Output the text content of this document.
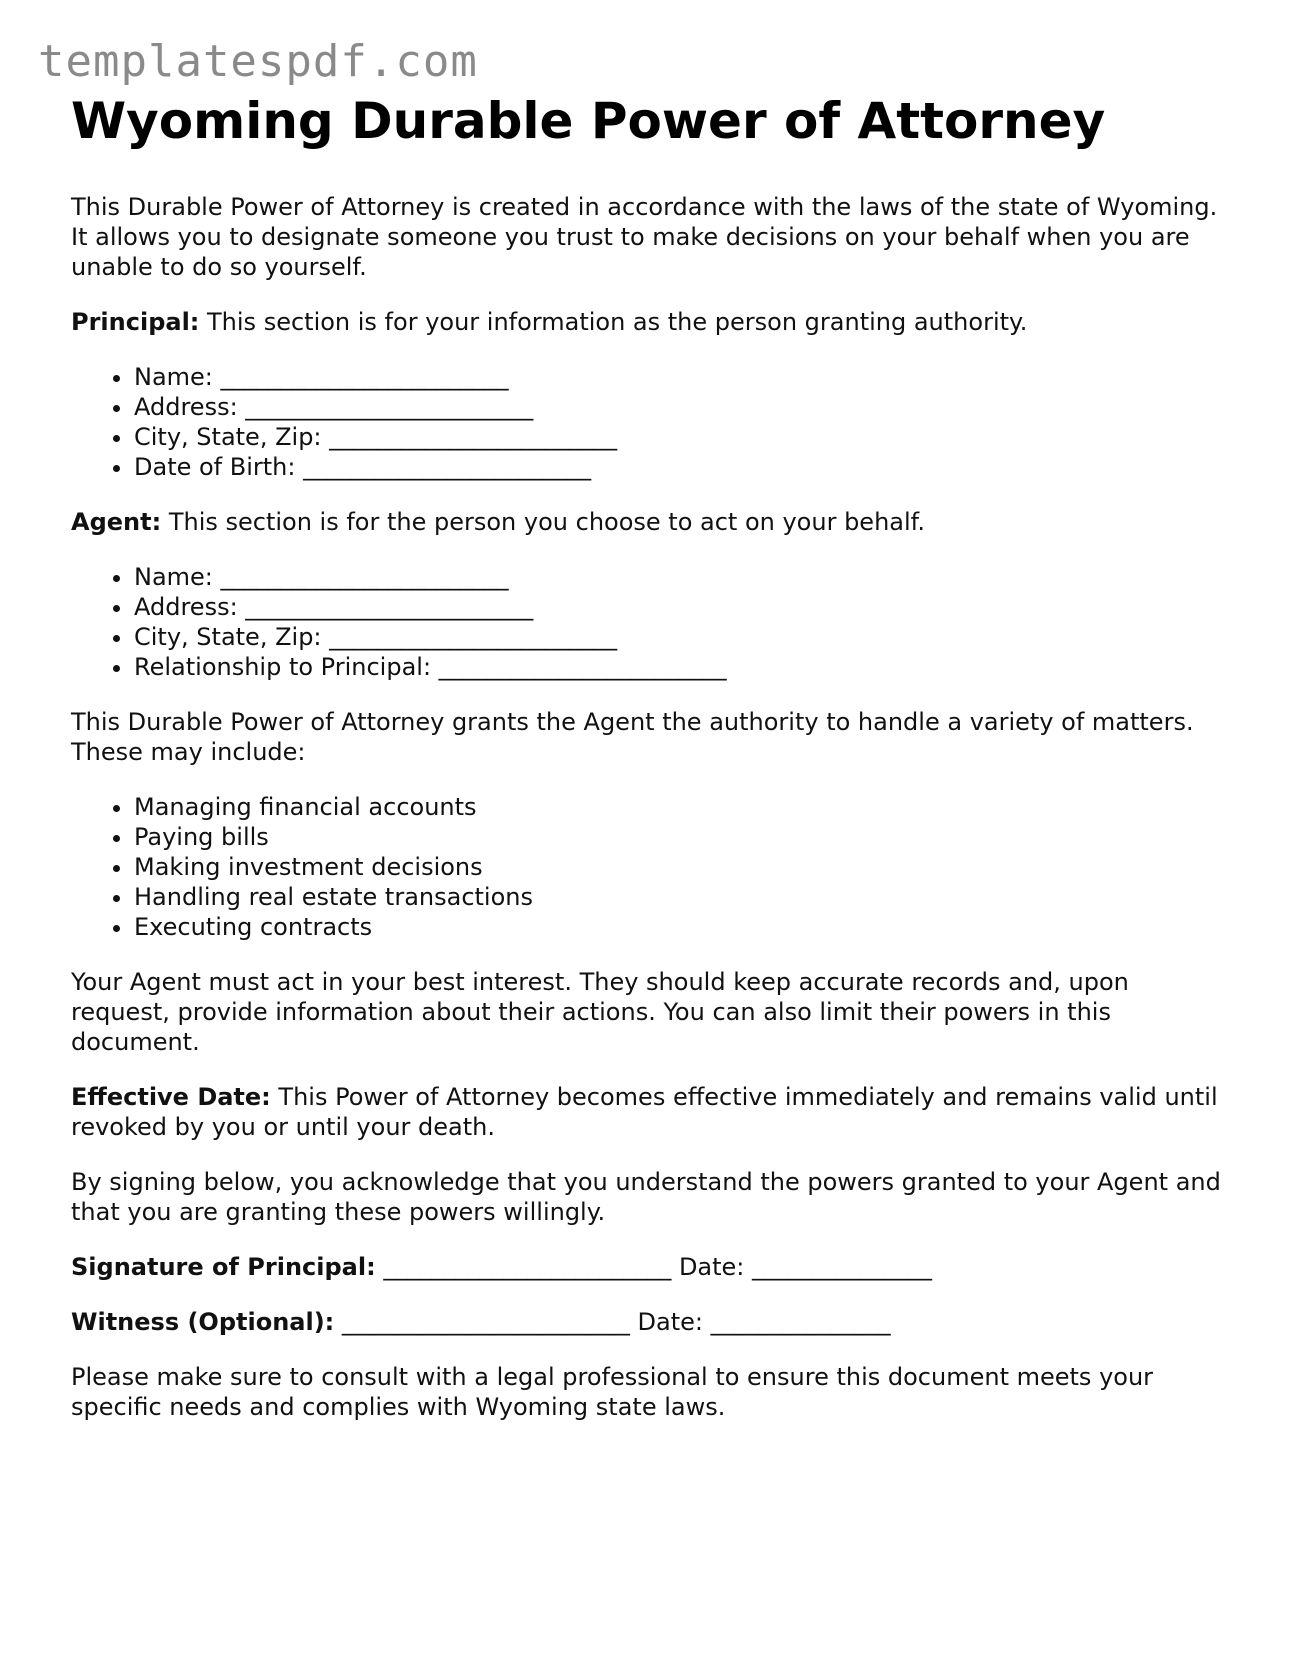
templatespdf.com
Wyoming Durable Power of Attorney

This Durable Power of Attorney is created in accordance with the laws of the state of Wyoming. It allows you to designate someone you trust to make decisions on your behalf when you are unable to do so yourself.

Principal: This section is for your information as the person granting authority.

• Name: ________________________
• Address: ________________________
• City, State, Zip: ________________________
• Date of Birth: ________________________

Agent: This section is for the person you choose to act on your behalf.

• Name: ________________________
• Address: ________________________
• City, State, Zip: ________________________
• Relationship to Principal: ________________________

This Durable Power of Attorney grants the Agent the authority to handle a variety of matters. These may include:

• Managing financial accounts
• Paying bills
• Making investment decisions
• Handling real estate transactions
• Executing contracts

Your Agent must act in your best interest. They should keep accurate records and, upon request, provide information about their actions. You can also limit their powers in this document.

Effective Date: This Power of Attorney becomes effective immediately and remains valid until revoked by you or until your death.

By signing below, you acknowledge that you understand the powers granted to your Agent and that you are granting these powers willingly.

Signature of Principal: ________________________ Date: _______________

Witness (Optional): ________________________ Date: _______________

Please make sure to consult with a legal professional to ensure this document meets your specific needs and complies with Wyoming state laws.
